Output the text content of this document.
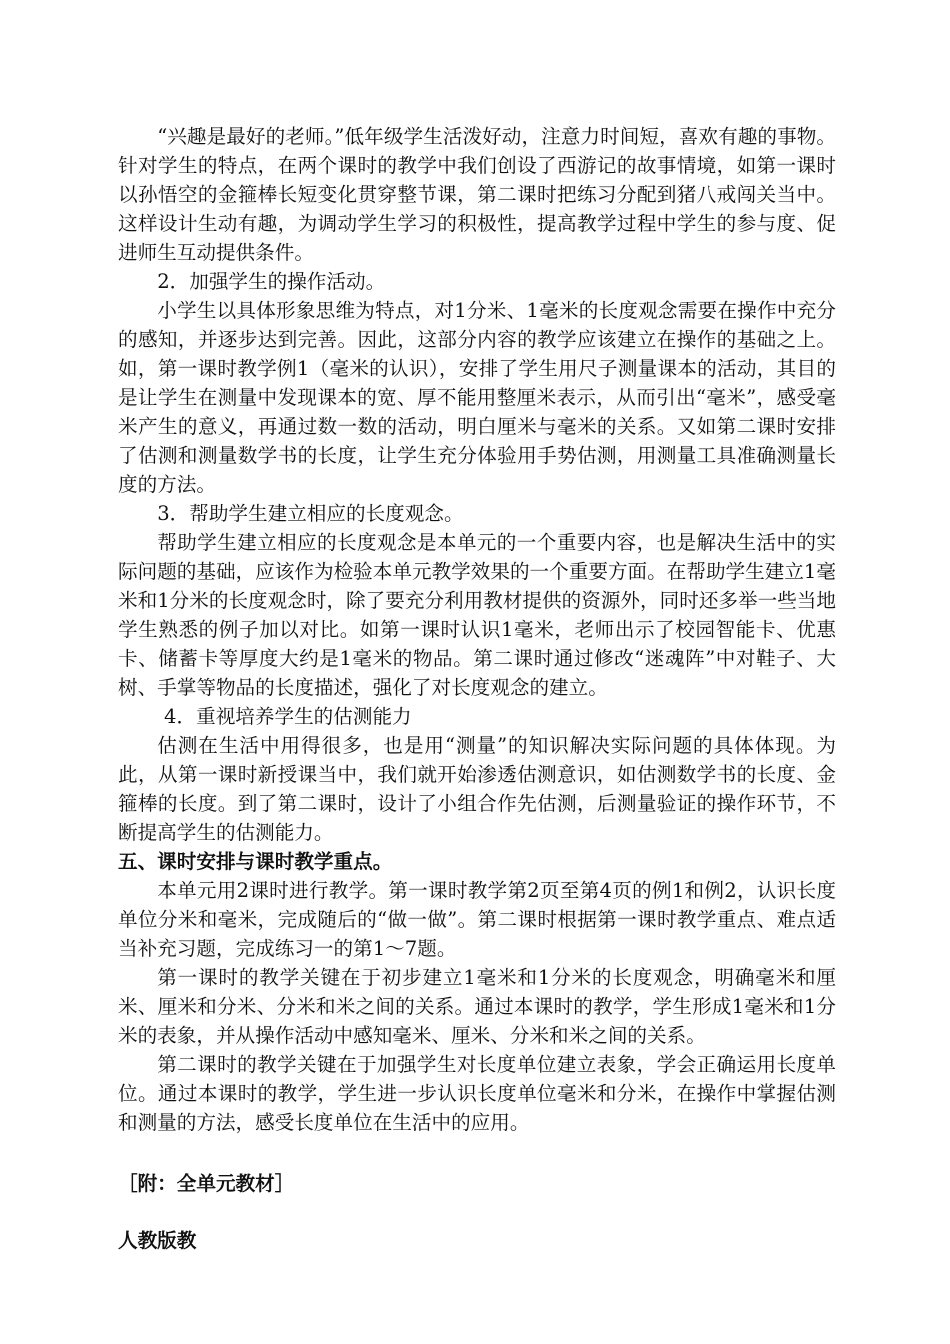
“兴趣是最好的老师。”低年级学生活泼好动，注意力时间短，喜欢有趣的事物。针对学生的特点，在两个课时的教学中我们创设了西游记的故事情境，如第一课时以孙悟空的金箍棒长短变化贯穿整节课，第二课时把练习分配到猪八戒闯关当中。这样设计生动有趣，为调动学生学习的积极性，提高教学过程中学生的参与度、促进师生互动提供条件。

2．加强学生的操作活动。

小学生以具体形象思维为特点，对1分米、1毫米的长度观念需要在操作中充分的感知，并逐步达到完善。因此，这部分内容的教学应该建立在操作的基础之上。如，第一课时教学例1（毫米的认识），安排了学生用尺子测量课本的活动，其目的是让学生在测量中发现课本的宽、厚不能用整厘米表示，从而引出“毫米”，感受毫米产生的意义，再通过数一数的活动，明白厘米与毫米的关系。又如第二课时安排了估测和测量数学书的长度，让学生充分体验用手势估测，用测量工具准确测量长度的方法。

3．帮助学生建立相应的长度观念。

帮助学生建立相应的长度观念是本单元的一个重要内容，也是解决生活中的实际问题的基础，应该作为检验本单元教学效果的一个重要方面。在帮助学生建立1毫米和1分米的长度观念时，除了要充分利用教材提供的资源外，同时还多举一些当地学生熟悉的例子加以对比。如第一课时认识1毫米，老师出示了校园智能卡、优惠卡、储蓄卡等厚度大约是1毫米的物品。第二课时通过修改“迷魂阵”中对鞋子、大树、手掌等物品的长度描述，强化了对长度观念的建立。

4．重视培养学生的估测能力

估测在生活中用得很多，也是用“测量”的知识解决实际问题的具体体现。为此，从第一课时新授课当中，我们就开始渗透估测意识，如估测数学书的长度、金箍棒的长度。到了第二课时，设计了小组合作先估测，后测量验证的操作环节，不断提高学生的估测能力。

五、课时安排与课时教学重点。

本单元用2课时进行教学。第一课时教学第2页至第4页的例1和例2，认识长度单位分米和毫米，完成随后的“做一做”。第二课时根据第一课时教学重点、难点适当补充习题，完成练习一的第1～7题。

第一课时的教学关键在于初步建立1毫米和1分米的长度观念，明确毫米和厘米、厘米和分米、分米和米之间的关系。通过本课时的教学，学生形成1毫米和1分米的表象，并从操作活动中感知毫米、厘米、分米和米之间的关系。

第二课时的教学关键在于加强学生对长度单位建立表象，学会正确运用长度单位。通过本课时的教学，学生进一步认识长度单位毫米和分米，在操作中掌握估测和测量的方法，感受长度单位在生活中的应用。

［附：全单元教材］

人教版教
